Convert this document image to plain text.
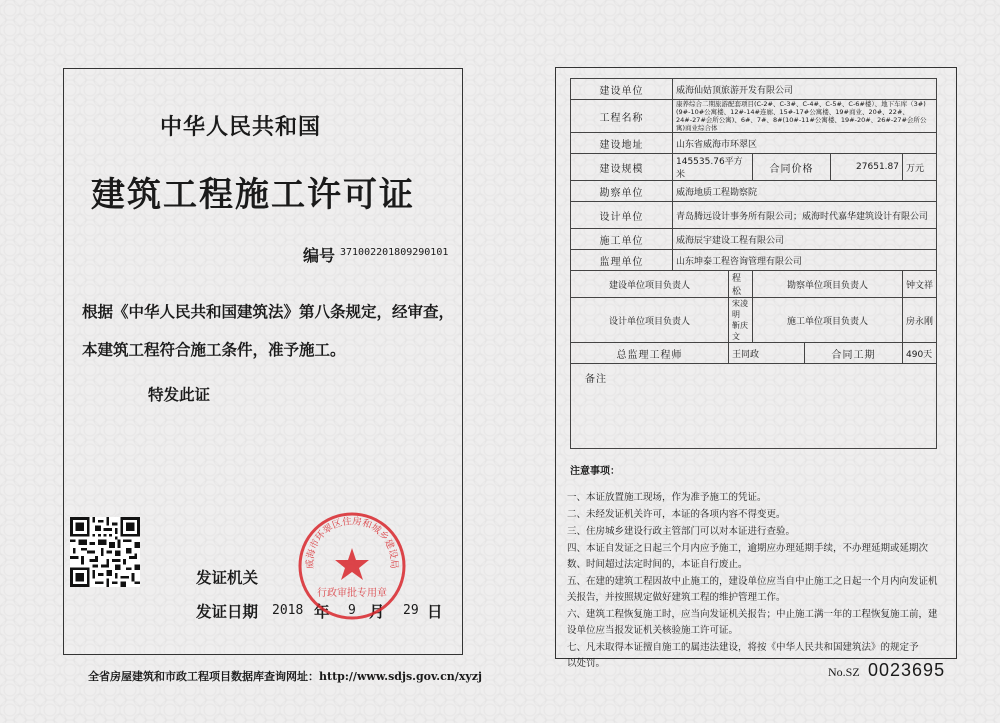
中华人民共和国
建筑工程施工许可证
编号 371002201809290101
根据《中华人民共和国建筑法》第八条规定，经审查，
本建筑工程符合施工条件，准予施工。
特发此证
发证机关
发证日期 2018 年 9 月 29 日
威海市环翠区住房和城乡建设局
行政审批专用章
全省房屋建筑和市政工程项目数据库查询网址：http://www.sdjs.gov.cn/xyzj
建设单位	威海仙姑顶旅游开发有限公司					
工程名称	康养综合二期旅游配套项目(C-2#、C-3#、C-4#、C-5#、C-6#楼）、地下车库（3#)(9#-10#公寓楼、12#-14#连廊、15#-17#公寓楼、19#商业、20#、22#、24#-27#会所公寓)、6#、7#、8#(10#-11#公寓楼、19#-20#、26#-27#会所公寓)商业综合体					
建设地址	山东省威海市环翠区					
建设规模	145535.76平方米		合同价格		27651.87	万元
勘察单位	威海地质工程勘察院					
设计单位	青岛腾远设计事务所有限公司；威海时代嘉华建筑设计有限公司					
施工单位	威海辰宇建设工程有限公司					
监理单位	山东坤泰工程咨询管理有限公司					
建设单位项目负责人		程松	勘察单位项目负责人			钟文祥
设计单位项目负责人		宋凌明 靳庆文	施工单位项目负责人			房永刚
总监理工程师		王同政		合同工期		490天
备注						
注意事项：
一、本证放置施工现场，作为准予施工的凭证。
二、未经发证机关许可，本证的各项内容不得变更。
三、住房城乡建设行政主管部门可以对本证进行查验。
四、本证自发证之日起三个月内应予施工，逾期应办理延期手续，不办理延期或延期次数、时间超过法定时间的，本证自行废止。
五、在建的建筑工程因故中止施工的，建设单位应当自中止施工之日起一个月内向发证机关报告，并按照规定做好建筑工程的维护管理工作。
六、建筑工程恢复施工时，应当向发证机关报告；中止施工满一年的工程恢复施工前，建设单位应当报发证机关核验施工许可证。
七、凡未取得本证擅自施工的属违法建设，将按《中华人民共和国建筑法》的规定予以处罚。
No.SZ 0023695
